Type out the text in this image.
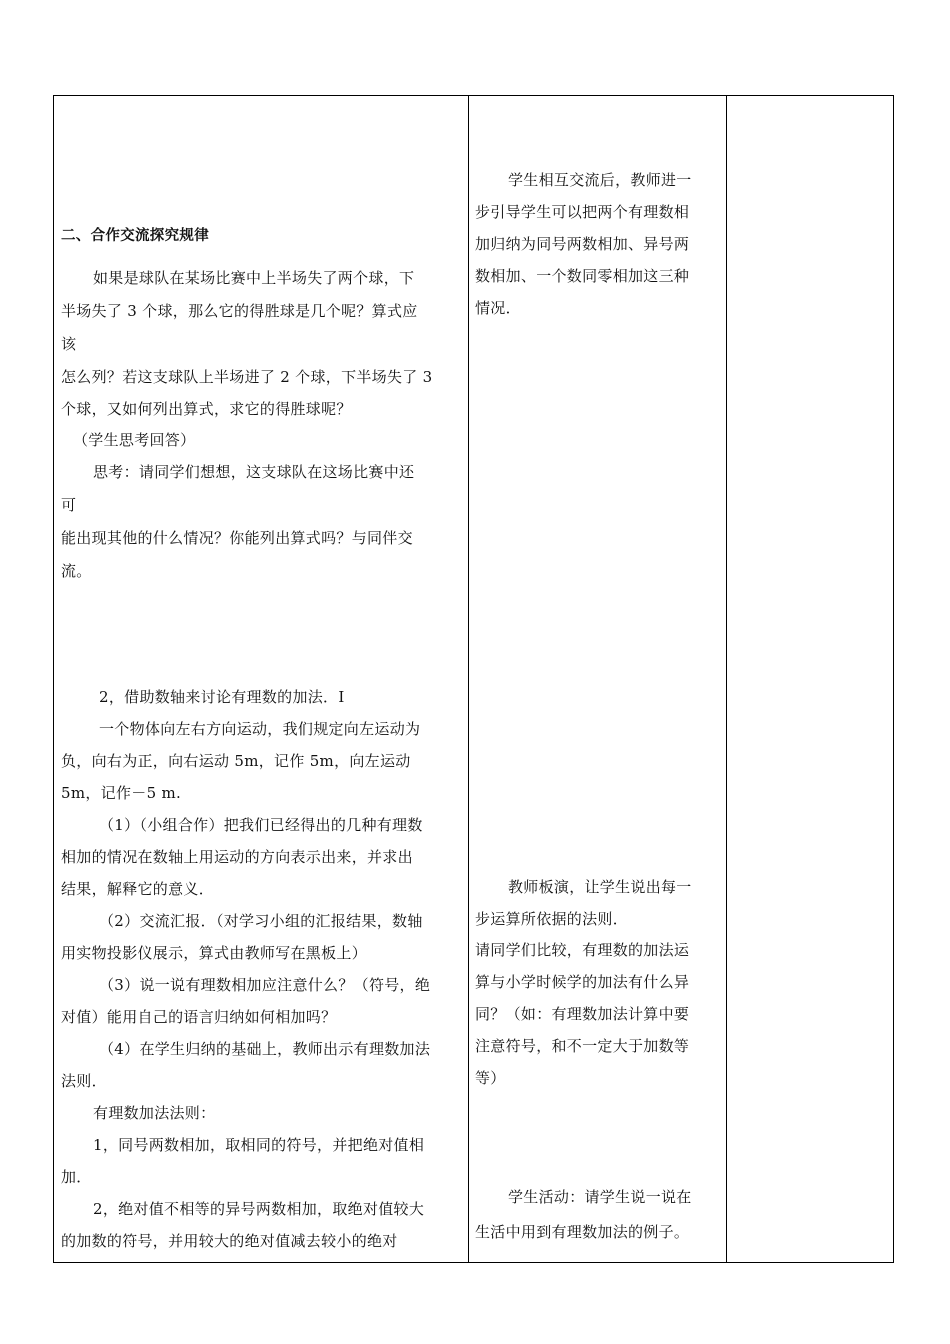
二、合作交流探究规律
如果是球队在某场比赛中上半场失了两个球，下
半场失了 3 个球，那么它的得胜球是几个呢？算式应
该
怎么列？若这支球队上半场进了 2 个球，下半场失了 3
个球，又如何列出算式，求它的得胜球呢？
（学生思考回答）
思考：请同学们想想，这支球队在这场比赛中还
可
能出现其他的什么情况？你能列出算式吗？与同伴交
流。
2，借助数轴来讨论有理数的加法．I
一个物体向左右方向运动，我们规定向左运动为
负，向右为正，向右运动 5m，记作 5m，向左运动
5m，记作－5 m.
（1）（小组合作）把我们已经得出的几种有理数
相加的情况在数轴上用运动的方向表示出来，并求出
结果，解释它的意义．
（2）交流汇报．（对学习小组的汇报结果，数轴
用实物投影仪展示，算式由教师写在黑板上）
（3）说一说有理数相加应注意什么？（符号，绝
对值）能用自己的语言归纳如何相加吗？
（4）在学生归纳的基础上，教师出示有理数加法
法则．
有理数加法法则：
1，同号两数相加，取相同的符号，并把绝对值相
加．
2，绝对值不相等的异号两数相加，取绝对值较大
的加数的符号，并用较大的绝对值减去较小的绝对
学生相互交流后，教师进一
步引导学生可以把两个有理数相
加归纳为同号两数相加、异号两
数相加、一个数同零相加这三种
情况．
教师板演，让学生说出每一
步运算所依据的法则．
请同学们比较，有理数的加法运
算与小学时候学的加法有什么异
同？（如：有理数加法计算中要
注意符号，和不一定大于加数等
等）
学生活动：请学生说一说在
生活中用到有理数加法的例子。
